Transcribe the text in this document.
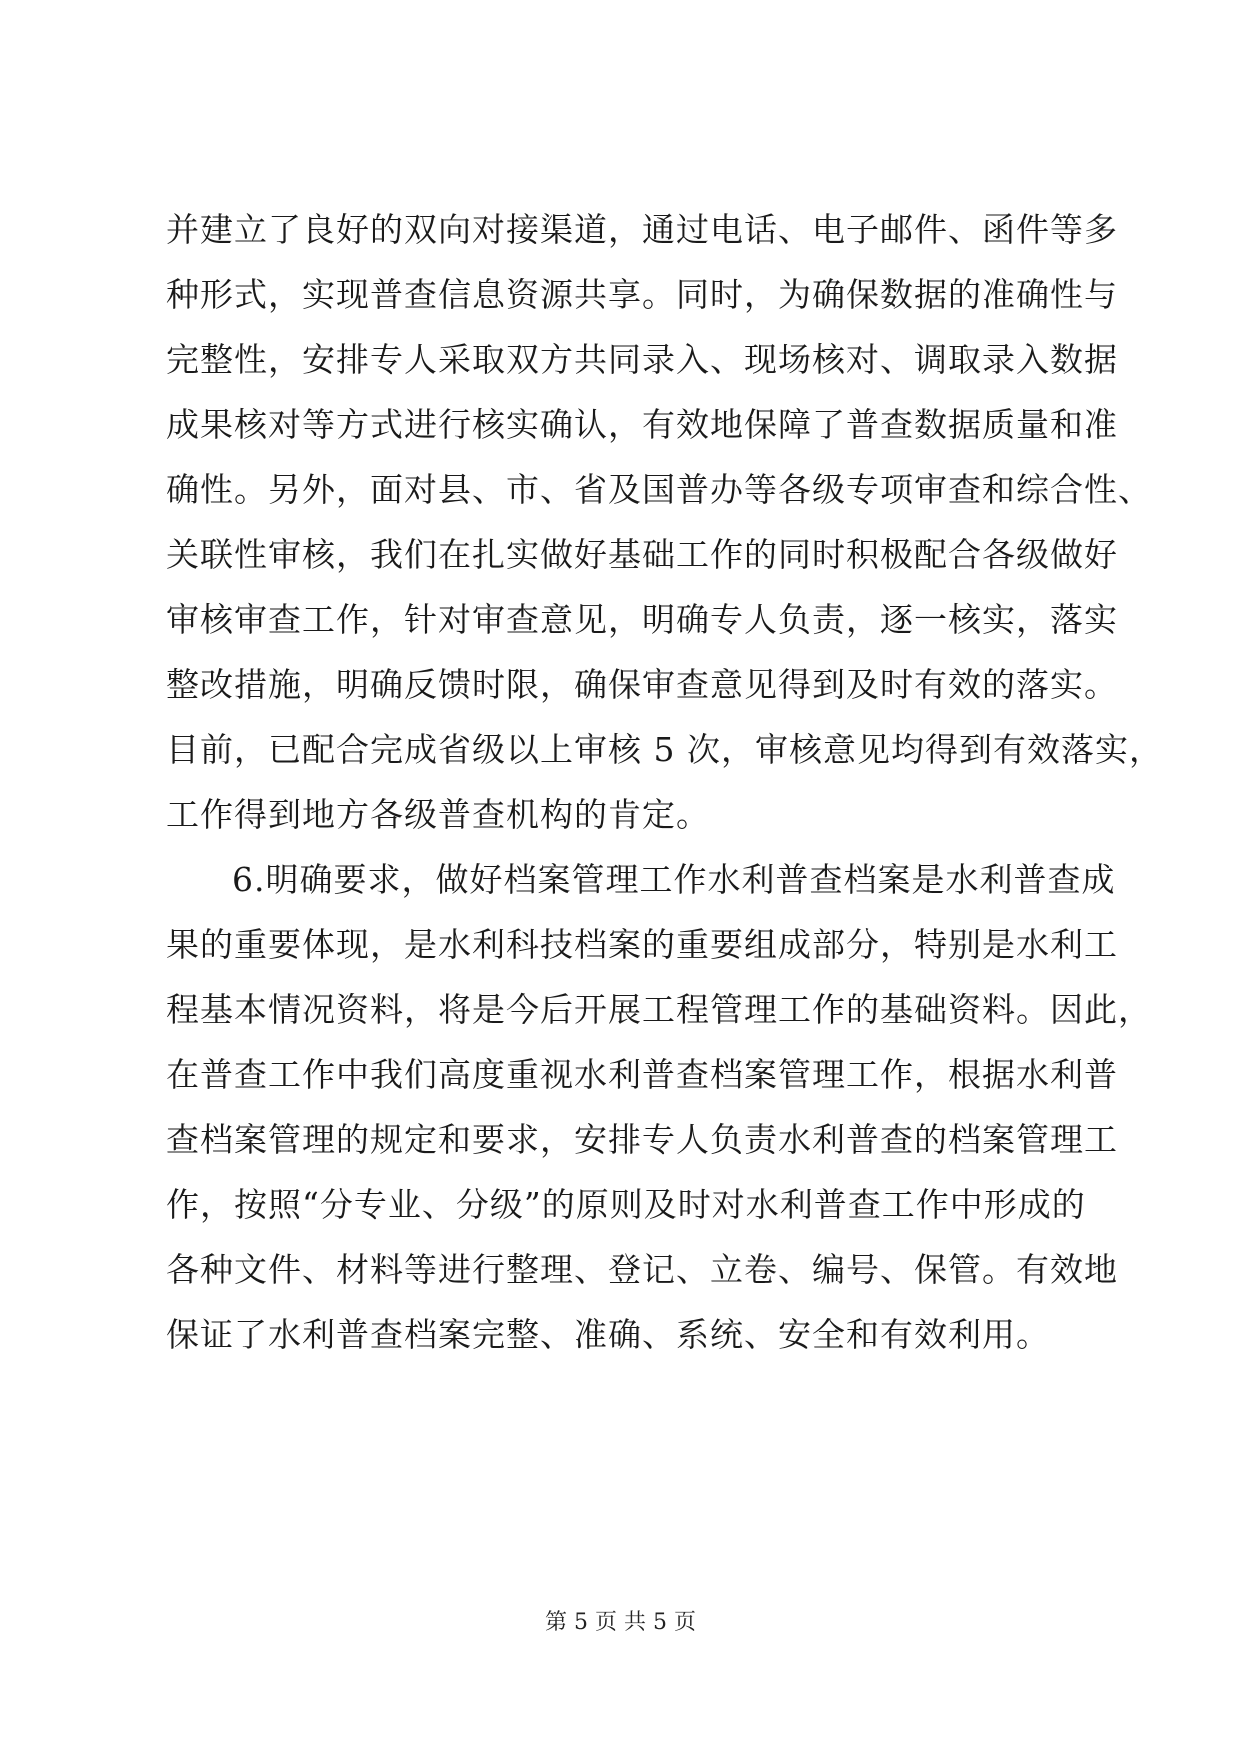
并建立了良好的双向对接渠道，通过电话、电子邮件、函件等多
种形式，实现普查信息资源共享。同时，为确保数据的准确性与
完整性，安排专人采取双方共同录入、现场核对、调取录入数据
成果核对等方式进行核实确认，有效地保障了普查数据质量和准
确性。另外，面对县、市、省及国普办等各级专项审查和综合性、
关联性审核，我们在扎实做好基础工作的同时积极配合各级做好
审核审查工作，针对审查意见，明确专人负责，逐一核实，落实
整改措施，明确反馈时限，确保审查意见得到及时有效的落实。
目前，已配合完成省级以上审核 5 次，审核意见均得到有效落实，
工作得到地方各级普查机构的肯定。
6.明确要求，做好档案管理工作水利普查档案是水利普查成
果的重要体现，是水利科技档案的重要组成部分，特别是水利工
程基本情况资料，将是今后开展工程管理工作的基础资料。因此，
在普查工作中我们高度重视水利普查档案管理工作，根据水利普
查档案管理的规定和要求，安排专人负责水利普查的档案管理工
作，按照“分专业、分级”的原则及时对水利普查工作中形成的
各种文件、材料等进行整理、登记、立卷、编号、保管。有效地
保证了水利普查档案完整、准确、系统、安全和有效利用。
第 5 页 共 5 页
